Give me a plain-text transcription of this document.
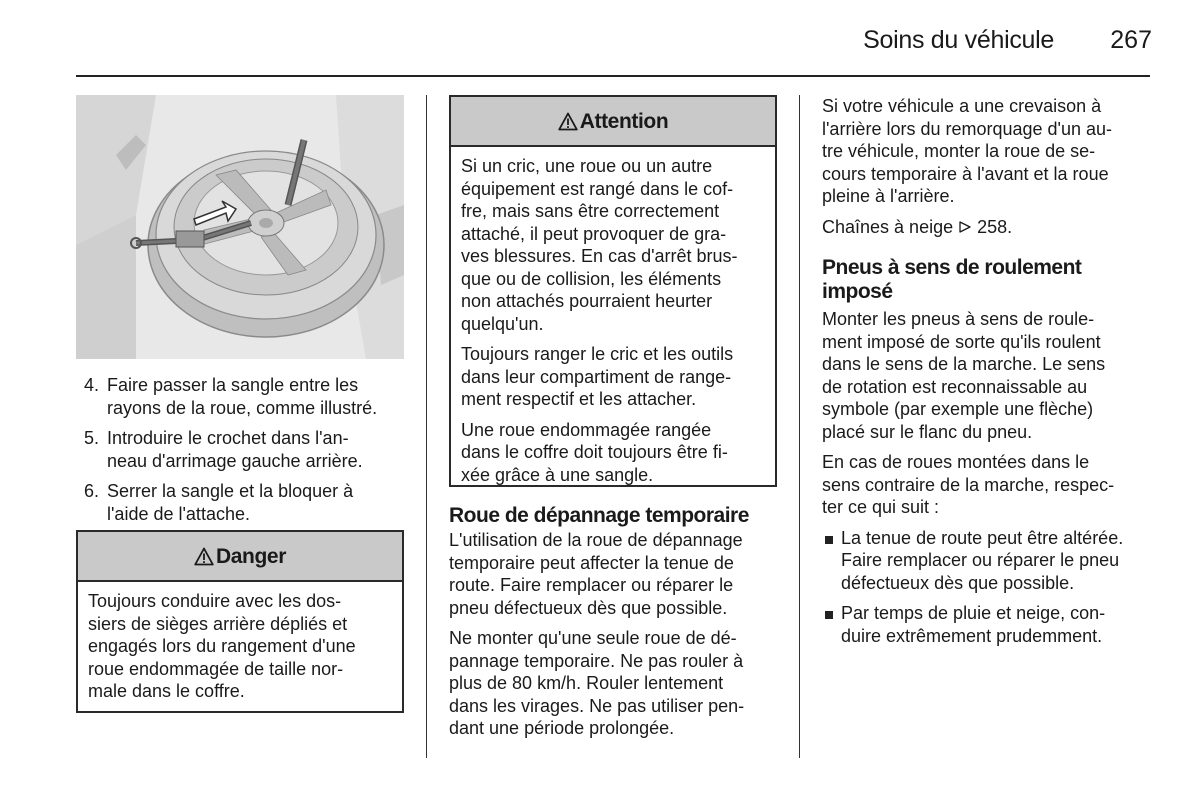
Soins du véhicule 267
4. Faire passer la sangle entre les
rayons de la roue, comme illustré.
5. Introduire le crochet dans l'an-
neau d'arrimage gauche arrière.
6. Serrer la sangle et la bloquer à
l'aide de l'attache.
Danger

Toujours conduire avec les dos-
siers de sièges arrière dépliés et
engagés lors du rangement d'une
roue endommagée de taille nor-
male dans le coffre.

Attention

Si un cric, une roue ou un autre
équipement est rangé dans le cof-
fre, mais sans être correctement
attaché, il peut provoquer de gra-
ves blessures. En cas d'arrêt brus-
que ou de collision, les éléments
non attachés pourraient heurter
quelqu'un.

Toujours ranger le cric et les outils
dans leur compartiment de range-
ment respectif et les attacher.

Une roue endommagée rangée
dans le coffre doit toujours être fi-
xée grâce à une sangle.

Roue de dépannage temporaire

L'utilisation de la roue de dépannage
temporaire peut affecter la tenue de
route. Faire remplacer ou réparer le
pneu défectueux dès que possible.

Ne monter qu'une seule roue de dé-
pannage temporaire. Ne pas rouler à
plus de 80 km/h. Rouler lentement
dans les virages. Ne pas utiliser pen-
dant une période prolongée.

Si votre véhicule a une crevaison à
l'arrière lors du remorquage d'un au-
tre véhicule, monter la roue de se-
cours temporaire à l'avant et la roue
pleine à l'arrière.

Chaînes à neige 258.

Pneus à sens de roulement
imposé

Monter les pneus à sens de roule-
ment imposé de sorte qu'ils roulent
dans le sens de la marche. Le sens
de rotation est reconnaissable au
symbole (par exemple une flèche)
placé sur le flanc du pneu.

En cas de roues montées dans le
sens contraire de la marche, respec-
ter ce qui suit :

La tenue de route peut être altérée.
Faire remplacer ou réparer le pneu
défectueux dès que possible.
Par temps de pluie et neige, con-
duire extrêmement prudemment.
